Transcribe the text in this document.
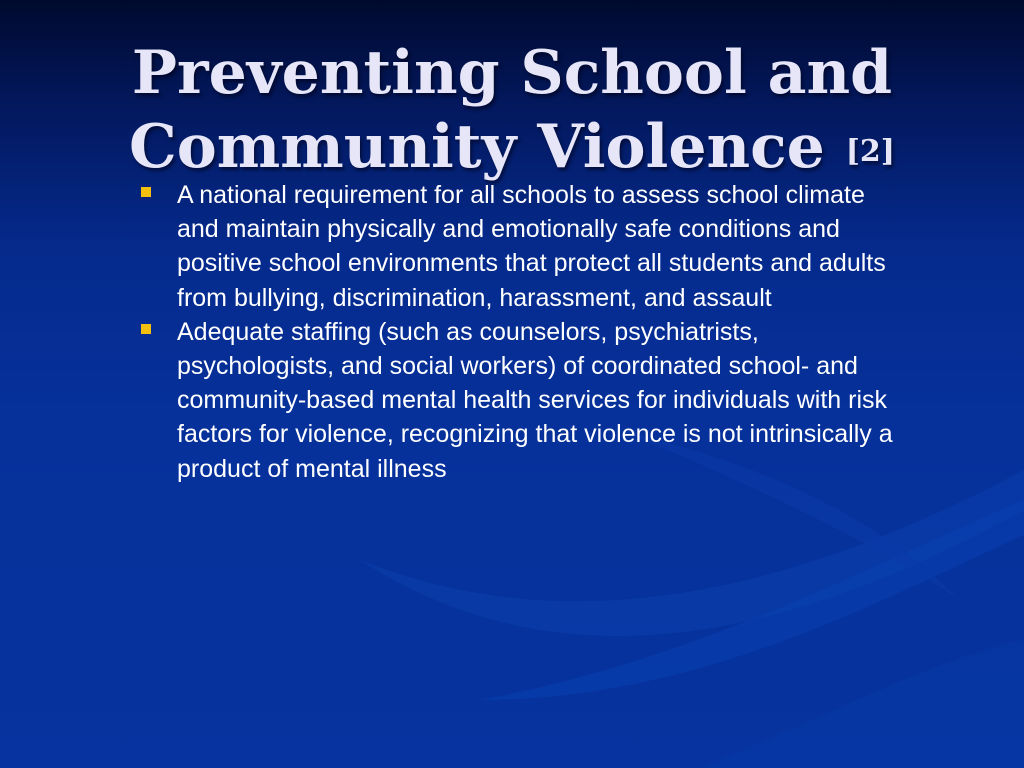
Preventing School and Community Violence [2]
A national requirement for all schools to assess school climate and maintain physically and emotionally safe conditions and positive school environments that protect all students and adults from bullying, discrimination, harassment, and assault
Adequate staffing (such as counselors, psychiatrists, psychologists, and social workers) of coordinated school- and community-based mental health services for individuals with risk factors for violence, recognizing that violence is not intrinsically a product of mental illness
